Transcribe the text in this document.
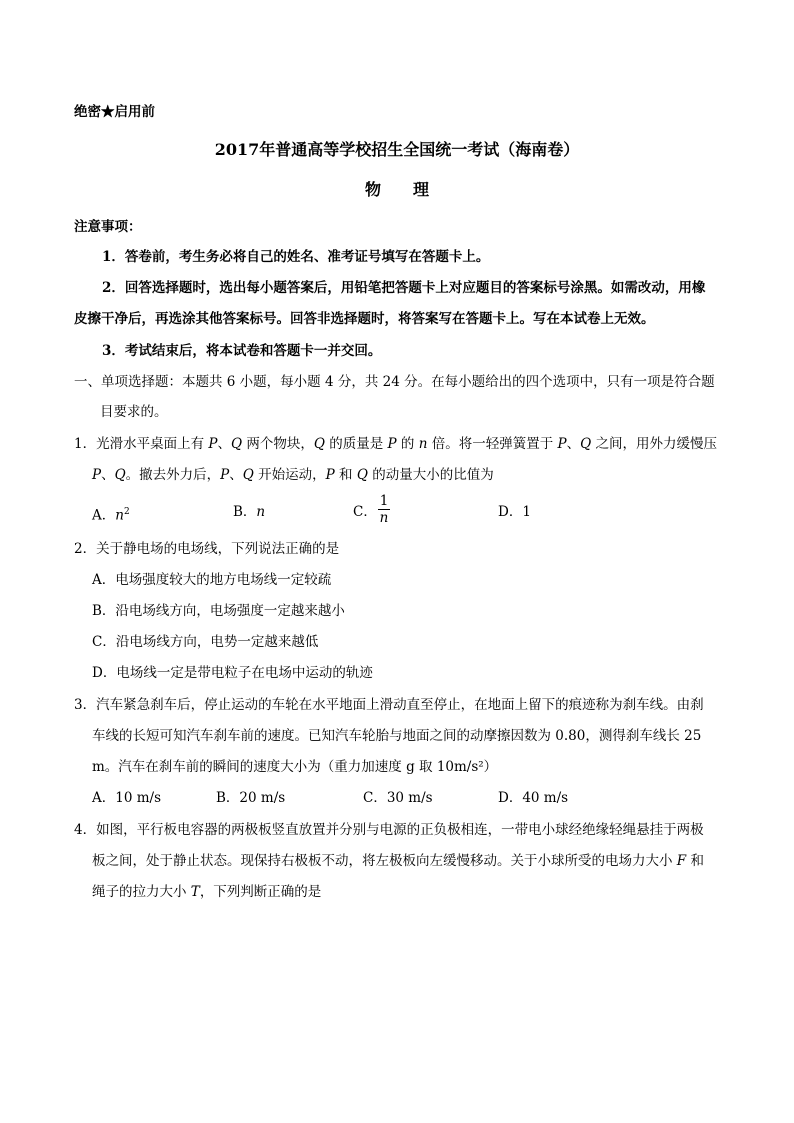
绝密★启用前
2017年普通高等学校招生全国统一考试（海南卷）
物　　理
注意事项：
1．答卷前，考生务必将自己的姓名、准考证号填写在答题卡上。
2．回答选择题时，选出每小题答案后，用铅笔把答题卡上对应题目的答案标号涂黑。如需改动，用橡
皮擦干净后，再选涂其他答案标号。回答非选择题时，将答案写在答题卡上。写在本试卷上无效。
3．考试结束后，将本试卷和答题卡一并交回。
一、单项选择题：本题共 6 小题，每小题 4 分，共 24 分。在每小题给出的四个选项中，只有一项是符合题
目要求的。
1．光滑水平桌面上有 P、Q 两个物块，Q 的质量是 P 的 n 倍。将一轻弹簧置于 P、Q 之间，用外力缓慢压
P、Q。撤去外力后，P、Q 开始运动，P 和 Q 的动量大小的比值为
A．$n^2$	B．n	C．
1
n	D．1
2．关于静电场的电场线，下列说法正确的是
A．电场强度较大的地方电场线一定较疏
B．沿电场线方向，电场强度一定越来越小
C．沿电场线方向，电势一定越来越低
D．电场线一定是带电粒子在电场中运动的轨迹
3．汽车紧急刹车后，停止运动的车轮在水平地面上滑动直至停止，在地面上留下的痕迹称为刹车线。由刹
车线的长短可知汽车刹车前的速度。已知汽车轮胎与地面之间的动摩擦因数为 0.80，测得刹车线长 25
m。汽车在刹车前的瞬间的速度大小为（重力加速度 g 取 10m/s²）
A．10 m/s	B．20 m/s	C．30 m/s	D．40 m/s
4．如图，平行板电容器的两极板竖直放置并分别与电源的正负极相连，一带电小球经绝缘轻绳悬挂于两极
板之间，处于静止状态。现保持右极板不动，将左极板向左缓慢移动。关于小球所受的电场力大小 F 和
绳子的拉力大小 T，下列判断正确的是
